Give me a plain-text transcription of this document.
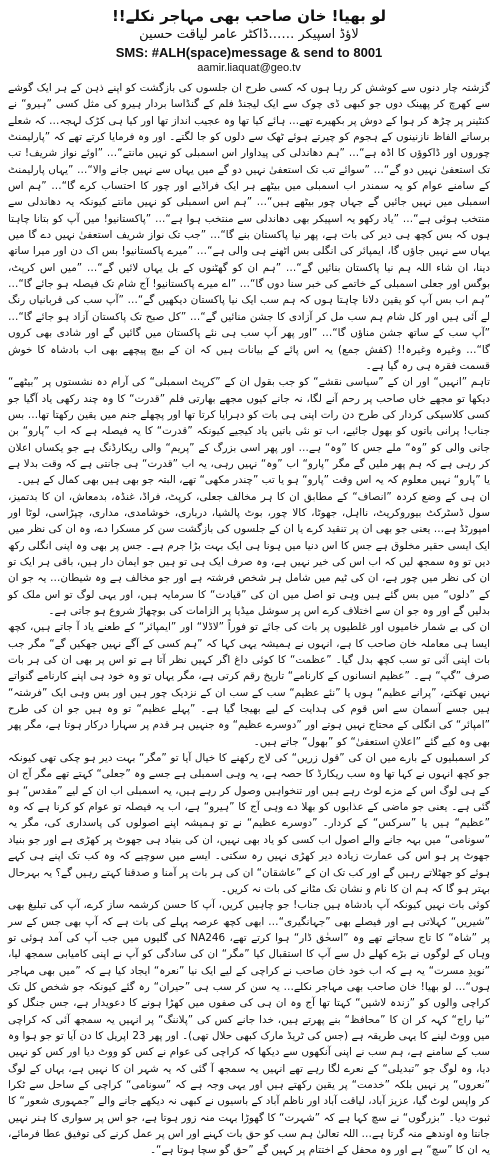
لو بھیا! خان صاحب بھی مہاجر نکلے!!

لاؤڈ اسپیکر ……ڈاکٹر عامر لیاقت حسین

SMS: #ALH(space)message & send to 8001

aamir.liaquat@geo.tv

گزشتہ چار دنوں سے کوشش کر رہا ہوں کہ کسی طرح ان جلسوں کی بازگشت کو اپنے ذہن کے ہر ایک گوشے سے کھرچ کر پھینک دوں جو کبھی ڈی چوک سے ایک لیجنڈ فلم کے گنڈاسا بردار ہیرو کی مثل کسی ”ہیرو“ نے کنٹینر پر چڑھ کر ہوا کے دوش پر بکھیرے تھے… ہائے کیا تھا وہ عجیب انداز تھا اور کیا ہی کڑک لہجہ… کہ شعلے برساتے الفاظ نازنینوں کے ہجوم کو چیرتے ہوئے ٹھک سے دلوں کو جا لگتے۔ اور وہ فرمایا کرتے تھے کہ ”پارلیمنٹ چوروں اور ڈاکوؤں کا اڈہ ہے“… ”ہم دھاندلی کی پیداوار اس اسمبلی کو نہیں مانتے“… ”اوئے نواز شریف! تب تک استعفیٰ نہیں دو گے“… ”سوائے تب تک استعفیٰ نہیں دو گے میں یہاں سے نہیں جانے والا“… ”یہاں پارلیمنٹ کے سامنے عوام کو یہ سمندر اب اسمبلی میں بیٹھے ہر ایک فراڈیے اور چور کا احتساب کرے گا“… ”ہم اس اسمبلی میں نہیں جائیں گے جہاں چور بیٹھے ہیں“… ”ہم اس اسمبلی کو نہیں مانتے کیونکہ یہ دھاندلی سے منتخب ہوئی ہے“… ”یاد رکھو یہ اسپیکر بھی دھاندلی سے منتخب ہوا ہے“… ”پاکستانیو! میں آپ کو بتانا چاہتا ہوں کہ بس کچھ ہی دیر کی بات ہے، پھر نیا پاکستان بنے گا“… ”جب تک نواز شریف استعفیٰ نہیں دے گا میں یہاں سے نہیں جاؤں گا، ایمپائر کی انگلی بس اٹھنے ہی والی ہے“… ”میرے پاکستانیو! بس اک دن اور میرا ساتھ دینا، ان شاء اللہ ہم نیا پاکستان بنائیں گے“… ”ہم ان کو گھٹنوں کے بل یہاں لائیں گے“… ”میں اس کرپٹ، بوگس اور جعلی اسمبلی کے خاتمے کی خبر سنا دوں گا“… ”اے میرے پاکستانیو! آج شام تک فیصلہ ہو جائے گا“… ”ہم اب بس آپ کو یقین دلانا چاہتا ہوں کہ ہم سب ایک نیا پاکستان دیکھیں گے“… ”آپ سب کی قربانیاں رنگ لے آئی ہیں اور کل شام ہم سب مل کر آزادی کا جشن منائیں گے“… ”کل صبح تک پاکستان آزاد ہو جائے گا“… ”آپ سب کے ساتھ جشن مناؤں گا“… ”اور پھر آپ سب ہی نئے پاکستان میں گائیں گے اور شادی بھی کروں گا“… وغیرہ وغیرہ!! (کفش جمع) یہ اس پائے کے بیانات ہیں کہ ان کے بیچ پیچھے بھی اب بادشاہ کا خوش قسمت فقرہ ہی رہ گیا ہے۔

تاہم ”انہیں“ اور ان کے ”سیاسی نقشے“ کو جب بقول ان کے ”کرپٹ اسمبلی“ کی آرام دہ نشستوں پر ”بیٹھے“ دیکھا تو مجھے خاں صاحب پر رحم آنے لگا، نہ جانے کیوں مجھے بھارتی فلم ”قدرت“ کا وہ چند رکھی یاد آگیا جو کسی کلاسیکی کردار کی طرح دن رات اپنی ہی بات کو دہرایا کرتا تھا اور پچھلے جنم میں یقین رکھتا تھا… بس جناب! پرانی باتوں کو بھول جائیے، اب تو نئی باتیں یاد کیجیے کیونکہ ”قدرت“ کا یہ فیصلہ ہے کہ اب ”پارو“ بن جانی والی کو ”وہ“ ملے جس کا ”وہ“ ہے… اور پھر اسی بزرگ کے ”پریم“ والی ریکارڈنگ ہے جو یکساں اعلان کر رہی ہے کہ ہم پھر ملیں گے مگر ”پارو“ اب ”وہ“ نہیں رہی، یہ اب ”قدرت“ ہی جانتی ہے کہ وقت بدلا ہے یا ”پارو“ نہیں معلوم کہ یہ اس وقت ”پارو“ ہو یا تب ”چندر مکھی“ تھے، البتہ جو بھی ہیں بھی کمال کے ہیں۔

ان ہی کے وضع کردہ ”انصاف“ کے مطابق ان کا ہر مخالف جعلی، کرپٹ، فراڈ، غنڈہ، بدمعاش، ان کا بدتمیز، سول ڈسٹرکٹ بیوروکریٹ، نااہل، جھوٹا، کالا چور، بوٹ پالشیا، درباری، خوشامدی، مداری، چپڑاسی، لوٹا اور امپورٹڈ ہے… یعنی جو بھی ان پر تنقید کرے یا ان کے جلسوں کی بازگشت سن کر مسکرا دے، وہ ان کی نظر میں ایک ایسی حقیر مخلوق ہے جس کا اس دنیا میں ہونا ہی ایک بہت بڑا جرم ہے۔ جس پر بھی وہ اپنی انگلی رکھ دیں تو وہ سمجھ لیں کہ اب اس کی خیر نہیں ہے، وہ صرف ایک ہی تو ہیں جو ایمان دار ہیں، باقی ہر ایک تو ان کی نظر میں چور ہے، ان کی ٹیم میں شامل ہر شخص فرشتہ ہے اور جو مخالف ہے وہ شیطان… یہ جو ان کے ”دلوں“ میں بس گئے ہیں وہی تو اصل میں ان کی ”قیادت“ کا سرمایہ ہیں، اور یہی لوگ تو اس ملک کو بدلیں گے اور وہ جو ان سے اختلاف کرے اس پر سوشل میڈیا پر الزامات کی بوچھاڑ شروع ہو جاتی ہے۔

ان کی بے شمار خامیوں اور غلطیوں پر بات کی جائے تو فوراً ”لاڈلا“ اور ”ایمپائر“ کے طعنے یاد آ جاتے ہیں، کچھ ایسا ہی معاملہ خان صاحب کا ہے، انہوں نے ہمیشہ یہی کہا کہ ”ہم کسی کے آگے نہیں جھکیں گے“ مگر جب بات اپنی آئی تو سب کچھ بدل گیا۔ ”عظمت“ کا کوئی داغ اگر کہیں نظر آتا ہے تو اس پر بھی ان کی ہر بات صرف ”گپ“ ہے۔ ”عظیم انسانوں کے کارنامے“ تاریخ رقم کرتی ہے، مگر یہاں تو وہ خود ہی اپنے کارنامے گنواتے نہیں تھکتے، ”پرانے عظیم“ ہوں یا ”نئے عظیم“ سب کے سب ان کے نزدیک چور ہیں اور بس وہی ایک ”فرشتہ“ ہیں جسے آسمان سے اس قوم کی ہدایت کے لیے بھیجا گیا ہے۔ ”پہلے عظیم“ تو وہ ہیں جو ان کی طرح ”امپائر“ کی انگلی کے محتاج نہیں ہوتے اور ”دوسرے عظیم“ وہ جنہیں ہر قدم پر سہارا درکار ہوتا ہے، مگر پھر بھی وہ کیے گئے ”اعلانِ استعفیٰ“ کو ”بھول“ جاتے ہیں۔

کر اسمبلیوں کے بارے میں ان کی ”قول زریں“ کی لاج رکھنے کا خیال آیا تو ”مگر“ بہت دیر ہو چکی تھی کیونکہ جو کچھ انہوں نے کہا تھا وہ سب ریکارڈ کا حصہ ہے، یہ وہی اسمبلی ہے جسے وہ ”جعلی“ کہتے تھے مگر آج ان کے ہی لوگ اس کے مزے لوٹ رہے ہیں اور تنخواہیں وصول کر رہے ہیں، یہ اسمبلی اب ان کے لیے ”مقدس“ ہو گئی ہے۔ یعنی جو ماضی کے عذابوں کو بھلا دے وہی آج کا ”ہیرو“ ہے، اب یہ فیصلہ تو عوام کو کرنا ہے کہ وہ ”عظیم“ ہیں یا ”سرکس“ کے کردار۔ ”دوسرے عظیم“ نے تو ہمیشہ اپنے اصولوں کی پاسداری کی، مگر یہ ”سونامی“ میں بہہ جانے والے اصول اب کسی کو یاد بھی نہیں، ان کی بنیاد ہی جھوٹ پر کھڑی ہے اور جو بنیاد جھوٹ پر ہو اس کی عمارت زیادہ دیر کھڑی نہیں رہ سکتی۔ ایسے میں سوچیے کہ وہ کب تک اپنے ہی کہے ہوئے کو جھٹلاتے رہیں گے اور کب تک ان کے ”عاشقان“ ان کی ہر بات پر آمنا و صدقنا کہتے رہیں گے؟ یہ بہرحال بہتر ہو گا کہ ہم ان کا نام و نشان تک مٹانے کی بات نہ کریں۔

کوئی بات نہیں کیونکہ آپ بادشاہ ہیں جناب! جو چاہیں کریں، آپ کا حسن کرشمہ ساز کرے، آپ کی تبلیغ بھی ”شیریں“ کہلاتی ہے اور فیصلے بھی ”جہانگیری“… ابھی کچھ عرصہ پہلے کی بات ہے کہ آپ بھی جس کے سر پر ”شاہ“ کا تاج سجاتے تھے وہ ”اسحٰق ڈار“ ہوا کرتے تھے، NA246 کی گلیوں میں جب آپ کی آمد ہوئی تو وہاں کے لوگوں نے بڑے کھلے دل سے آپ کا استقبال کیا ”مگر“ ان کی سادگی کو آپ نے اپنی کامیابی سمجھ لیا، ”نویدِ مسرت“ یہ ہے کہ اب خود خان صاحب نے کراچی کے لیے ایک نیا ”نعرہ“ ایجاد کیا ہے کہ ”میں بھی مہاجر ہوں“… لو بھیا! خان صاحب بھی مہاجر نکلے… یہ سن کر سب ہی ”حیران“ رہ گئے کیونکہ جو شخص کل تک کراچی والوں کو ”زندہ لاشیں“ کہتا تھا آج وہ ان ہی کی صفوں میں کھڑا ہونے کا دعویدار ہے، جس جنگل کو ”نیا راج“ کہہ کر ان کا ”محافظ“ بنے پھرتے ہیں، خدا جانے کس کی ”پلاننگ“ پر انہیں یہ سمجھ آئی کہ کراچی میں ووٹ لینے کا یہی طریقہ ہے (جس کی ٹریڈ مارک کبھی حلال تھی)۔ اور پھر 23 اپریل کا دن آیا تو جو ہوا وہ سب کے سامنے ہے، ہم سب نے اپنی آنکھوں سے دیکھا کہ کراچی کی عوام نے کس کو ووٹ دیا اور کس کو نہیں دیا، وہ لوگ جو ”تبدیلی“ کے نعرے لگا رہے تھے انہیں یہ سمجھ آ گئی کہ یہ شہر ان کا نہیں ہے، یہاں کے لوگ ”نعروں“ پر نہیں بلکہ ”خدمت“ پر یقین رکھتے ہیں اور یہی وجہ ہے کہ ”سونامی“ کراچی کے ساحل سے ٹکرا کر واپس لوٹ گیا، عزیز آباد، لیاقت آباد اور ناظم آباد کے باسیوں نے کبھی نہ دیکھے جانے والے ”جمہوری شعور“ کا ثبوت دیا۔ ”بزرگوں“ نے سچ کہا ہے کہ ”شہرت“ کا گھوڑا بہت منہ زور ہوتا ہے، جو اس پر سواری کا ہنر نہیں جانتا وہ اوندھے منہ گرتا ہے… اللہ تعالیٰ ہم سب کو حق بات کہنے اور اس پر عمل کرنے کی توفیق عطا فرمائے، یہ ان کا ”سچ“ ہے اور وہ محفل کے اختتام پر کہیں گے ”حق گو سچا ہوتا ہے“۔
